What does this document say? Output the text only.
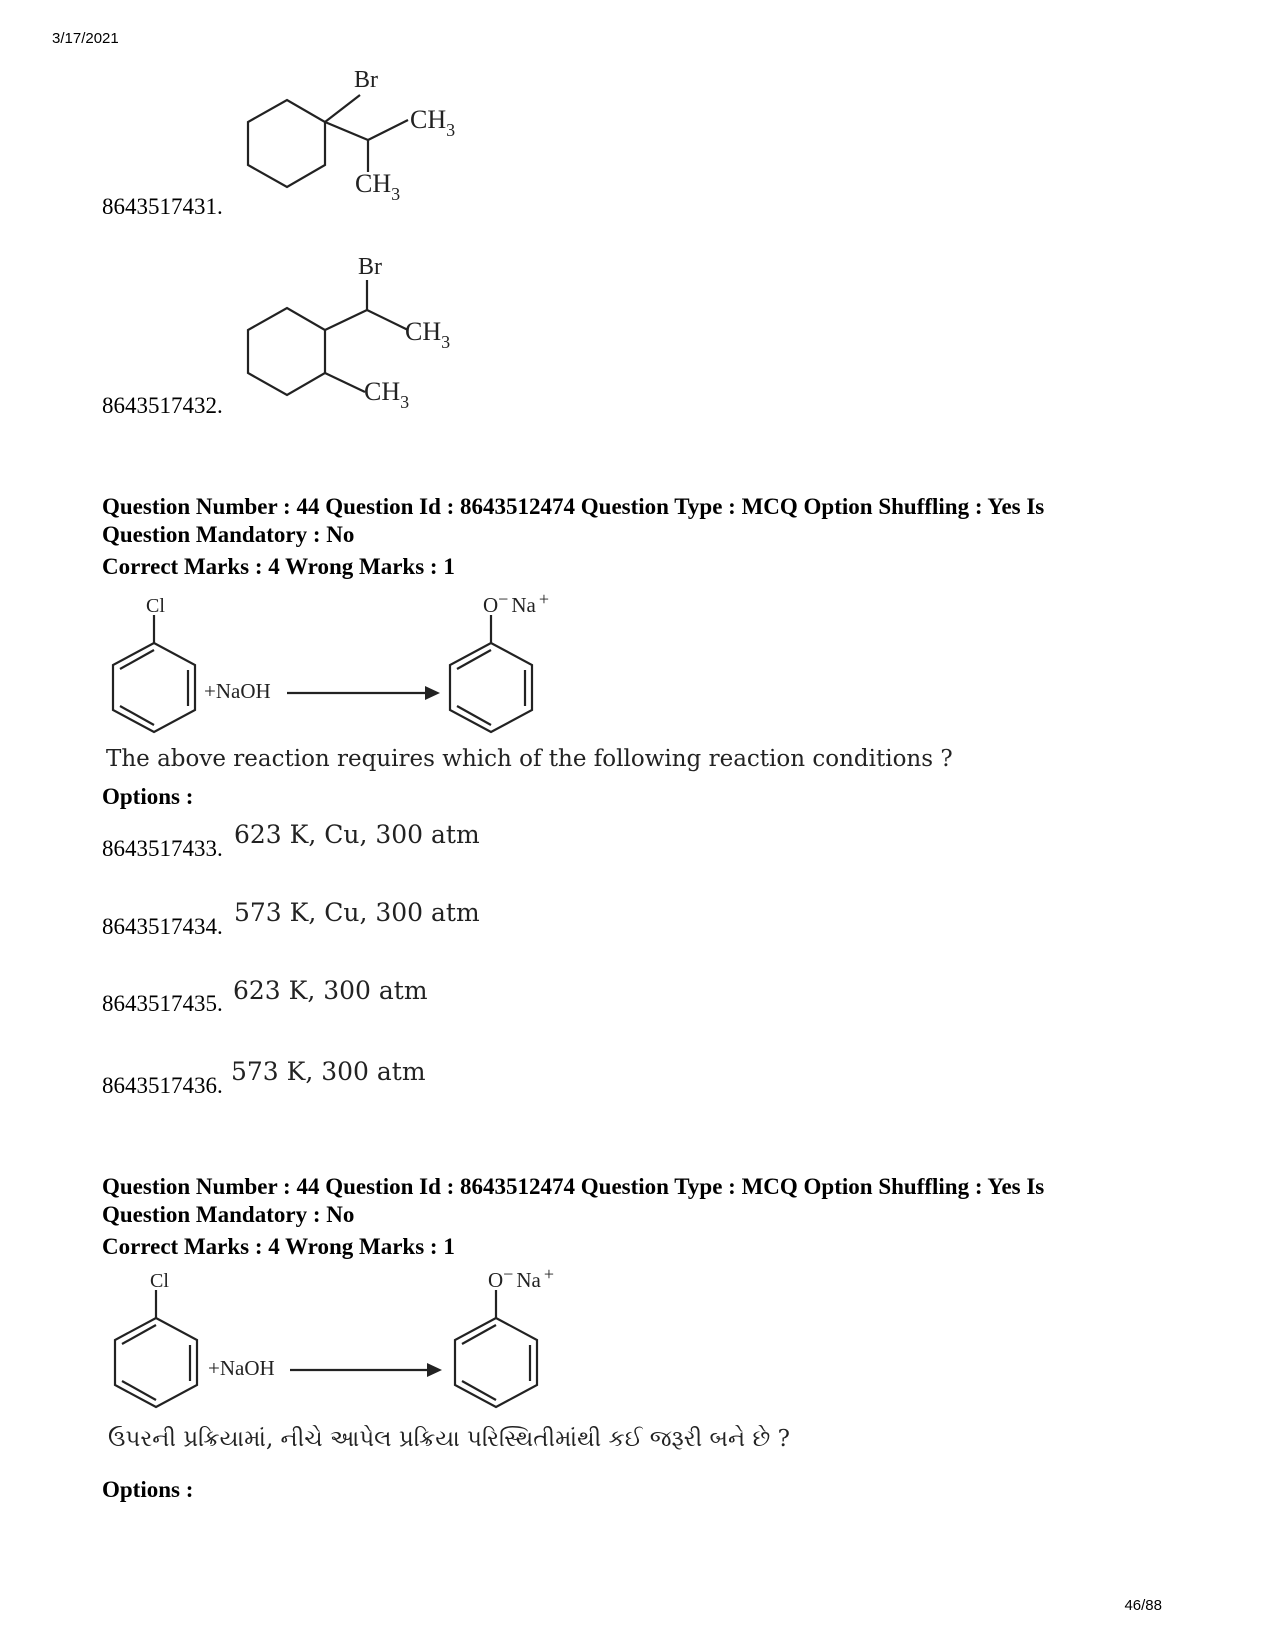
3/17/2021
Br
$CH_3$
$CH_3$
8643517431.
Br
$CH_3$
$CH_3$
8643517432.
Question Number : 44 Question Id : 8643512474 Question Type : MCQ Option Shuffling : Yes Is
Question Mandatory : No
Correct Marks : 4 Wrong Marks : 1
Cl
+NaOH
O− Na +
The above reaction requires which of the following reaction conditions ?
Options :
8643517433. 623 K, Cu, 300 atm
8643517434. 573 K, Cu, 300 atm
8643517435. 623 K, 300 atm
8643517436. 573 K, 300 atm
Question Number : 44 Question Id : 8643512474 Question Type : MCQ Option Shuffling : Yes Is
Question Mandatory : No
Correct Marks : 4 Wrong Marks : 1
Cl
+NaOH
O− Na +
ઉપરની પ્રક્રિયામાં, નીચે આપેલ પ્રક્રિયા પરિસ્થિતીમાંથી કઈ જરૂરી બને છે ?
Options :
46/88
